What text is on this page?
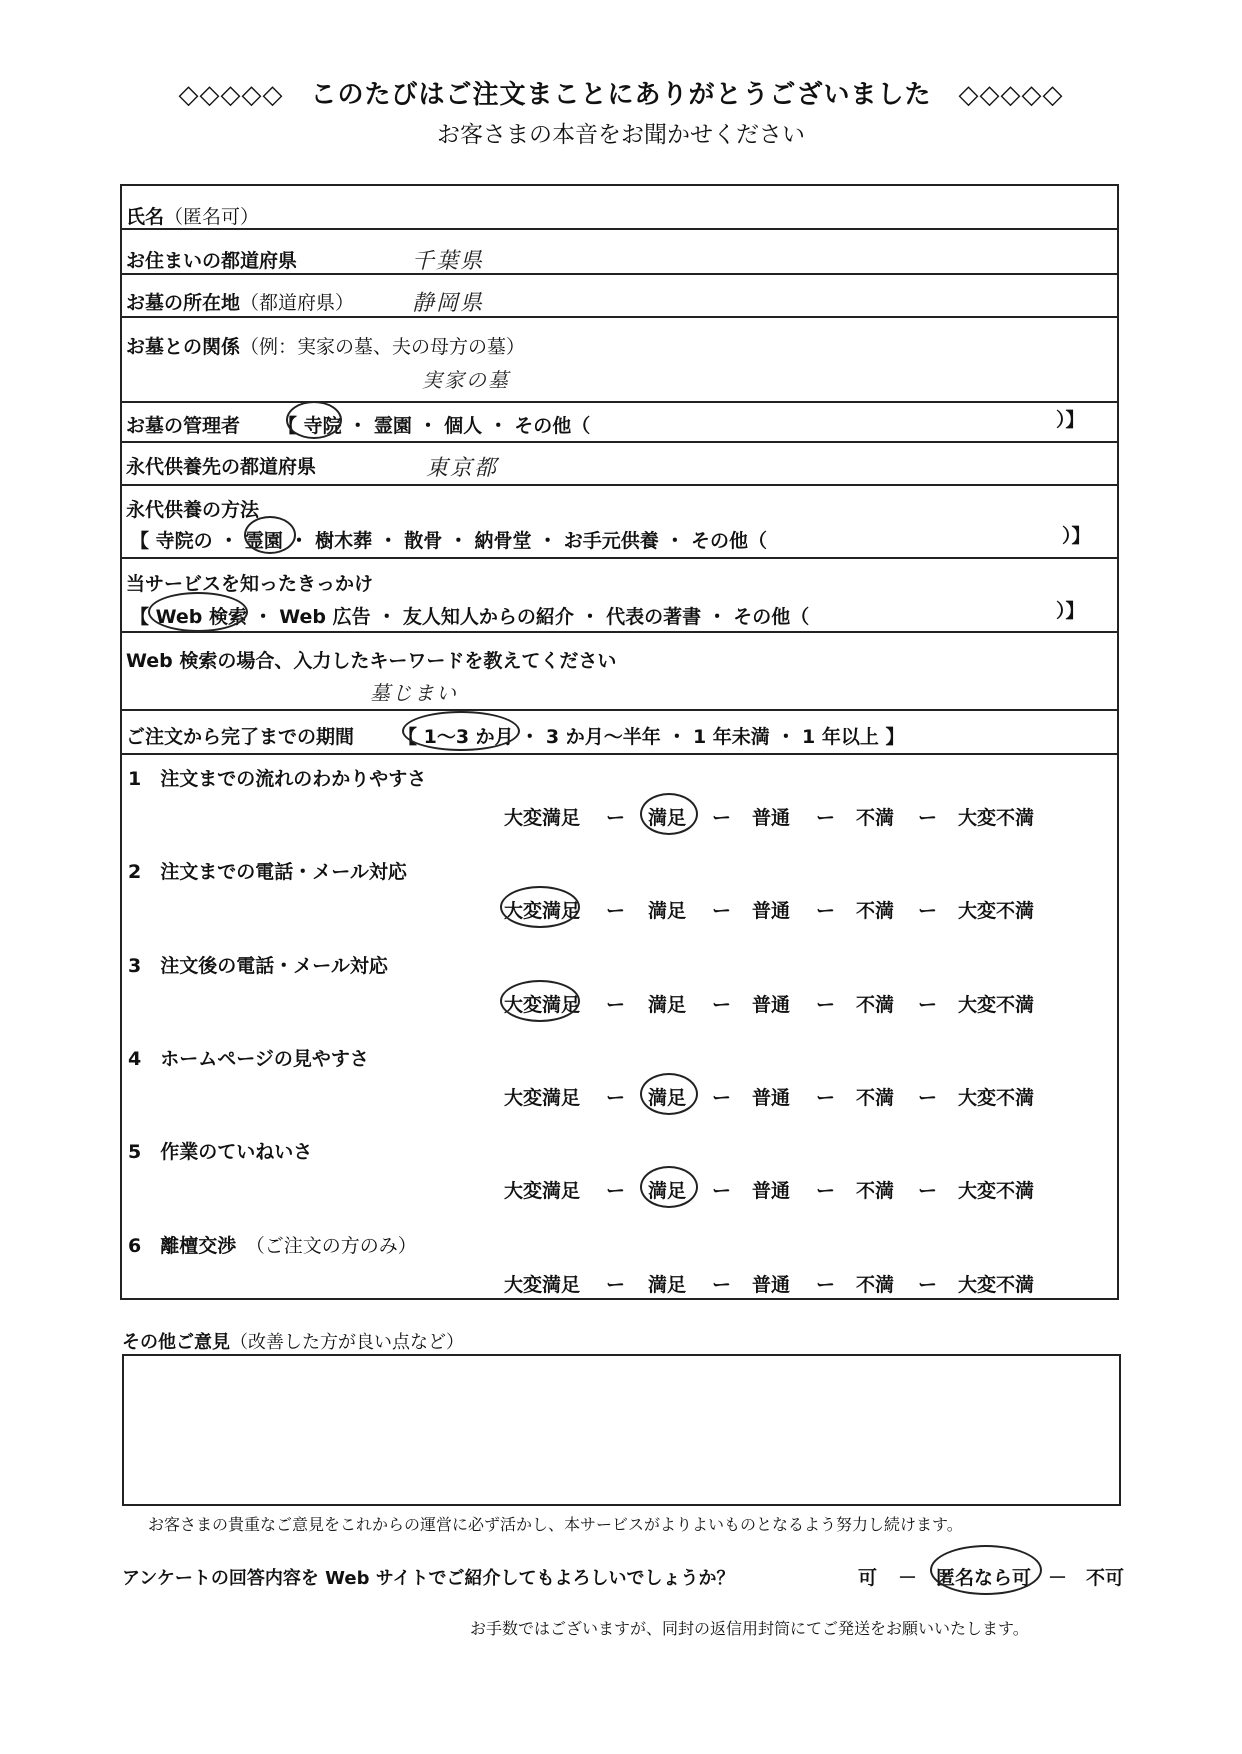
◇◇◇◇◇　このたびはご注文まことにありがとうございました　◇◇◇◇◇
お客さまの本音をお聞かせください
氏名（匿名可）
お住まいの都道府県	千葉県
お墓の所在地（都道府県）	静岡県
お墓との関係（例：実家の墓、夫の母方の墓）
実家の墓
お墓の管理者 【 寺院 ・ 霊園 ・ 個人 ・ その他（	）】
永代供養先の都道府県	東京都
永代供養の方法
【 寺院の ・ 霊園 ・ 樹木葬 ・ 散骨 ・ 納骨堂 ・ お手元供養 ・ その他（	）】
当サービスを知ったきっかけ
【 Web 検索 ・ Web 広告 ・ 友人知人からの紹介 ・ 代表の著書 ・ その他（	）】
Web 検索の場合、入力したキーワードを教えてください
墓じまい
ご注文から完了までの期間 【 1～3 か月 ・ 3 か月～半年 ・ 1 年未満 ・ 1 年以上 】
1　注文までの流れのわかりやすさ
大変満足	満足	普通	不満	大変不満
ー	ー	ー	ー
2　注文までの電話・メール対応
大変満足	満足	普通	不満	大変不満
ー	ー	ー	ー
3　注文後の電話・メール対応
大変満足	満足	普通	不満	大変不満
ー	ー	ー	ー
4　ホームページの見やすさ
大変満足	満足	普通	不満	大変不満
ー	ー	ー	ー
5　作業のていねいさ
大変満足	満足	普通	不満	大変不満
ー	ー	ー	ー
6　離檀交渉　（ご注文の方のみ）
大変満足	満足	普通	不満	大変不満
ー	ー	ー	ー
その他ご意見（改善した方が良い点など）
お客さまの貴重なご意見をこれからの運営に必ず活かし、本サービスがよりよいものとなるよう努力し続けます。
アンケートの回答内容を Web サイトでご紹介してもよろしいでしょうか？	可 － 匿名なら可 － 不可
お手数ではございますが、同封の返信用封筒にてご発送をお願いいたします。
